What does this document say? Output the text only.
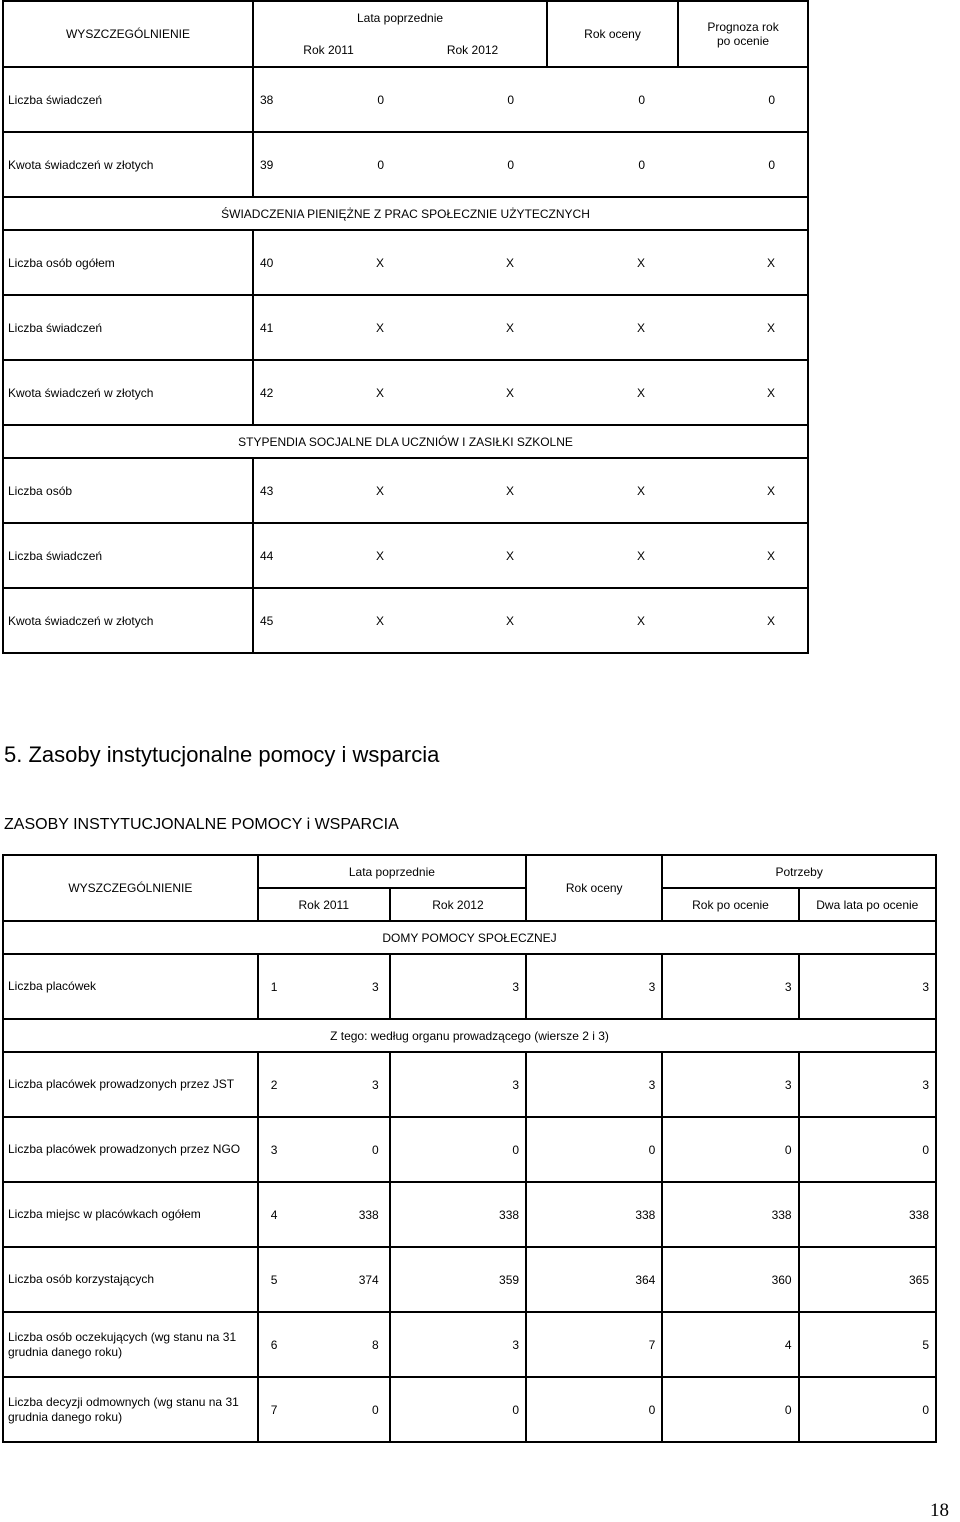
WYSZCZEGÓLNIENIE	Lata poprzednie	Rok oceny	Prognoza rok po ocenie

	Rok 2011 Rok 2012		

Liczba świadczeń	38 0 0 0 0		

Kwota świadczeń w złotych	39 0 0 0 0		

ŚWIADCZENIA PIENIĘŻNE Z PRAC SPOŁECZNIE UŻYTECZNYCH			
Liczba osób ogółem	40 X X X X		

Liczba świadczeń	41 X X X X		

Kwota świadczeń w złotych	42 X X X X		

STYPENDIA SOCJALNE DLA UCZNIÓW I ZASIŁKI SZKOLNE			
Liczba osób	43 X X X X		

Liczba świadczeń	44 X X X X		

Kwota świadczeń w złotych	45 X X X X		
5. Zasoby instytucjonalne pomocy i wsparcia
ZASOBY INSTYTUCJONALNE POMOCY i WSPARCIA
WYSZCZEGÓLNIENIE	Lata poprzednie		Rok oceny	Potrzeby	
	Rok 2011	Rok 2012		Rok po ocenie	Dwa lata po ocenie
DOMY POMOCY SPOŁECZNEJ					
Liczba placówek	1 3	3	3	3	3
Z tego: według organu prowadzącego (wiersze 2 i 3)					
Liczba placówek prowadzonych przez JST	2 3	3	3	3	3
Liczba placówek prowadzonych przez NGO	3 0	0	0	0	0
Liczba miejsc w placówkach ogółem	4 338	338	338	338	338
Liczba osób korzystających	5 374	359	364	360	365
Liczba osób oczekujących (wg stanu na 31 grudnia danego roku)	6 8	3	7	4	5
Liczba decyzji odmownych (wg stanu na 31 grudnia danego roku)	7 0	0	0	0	0
18
